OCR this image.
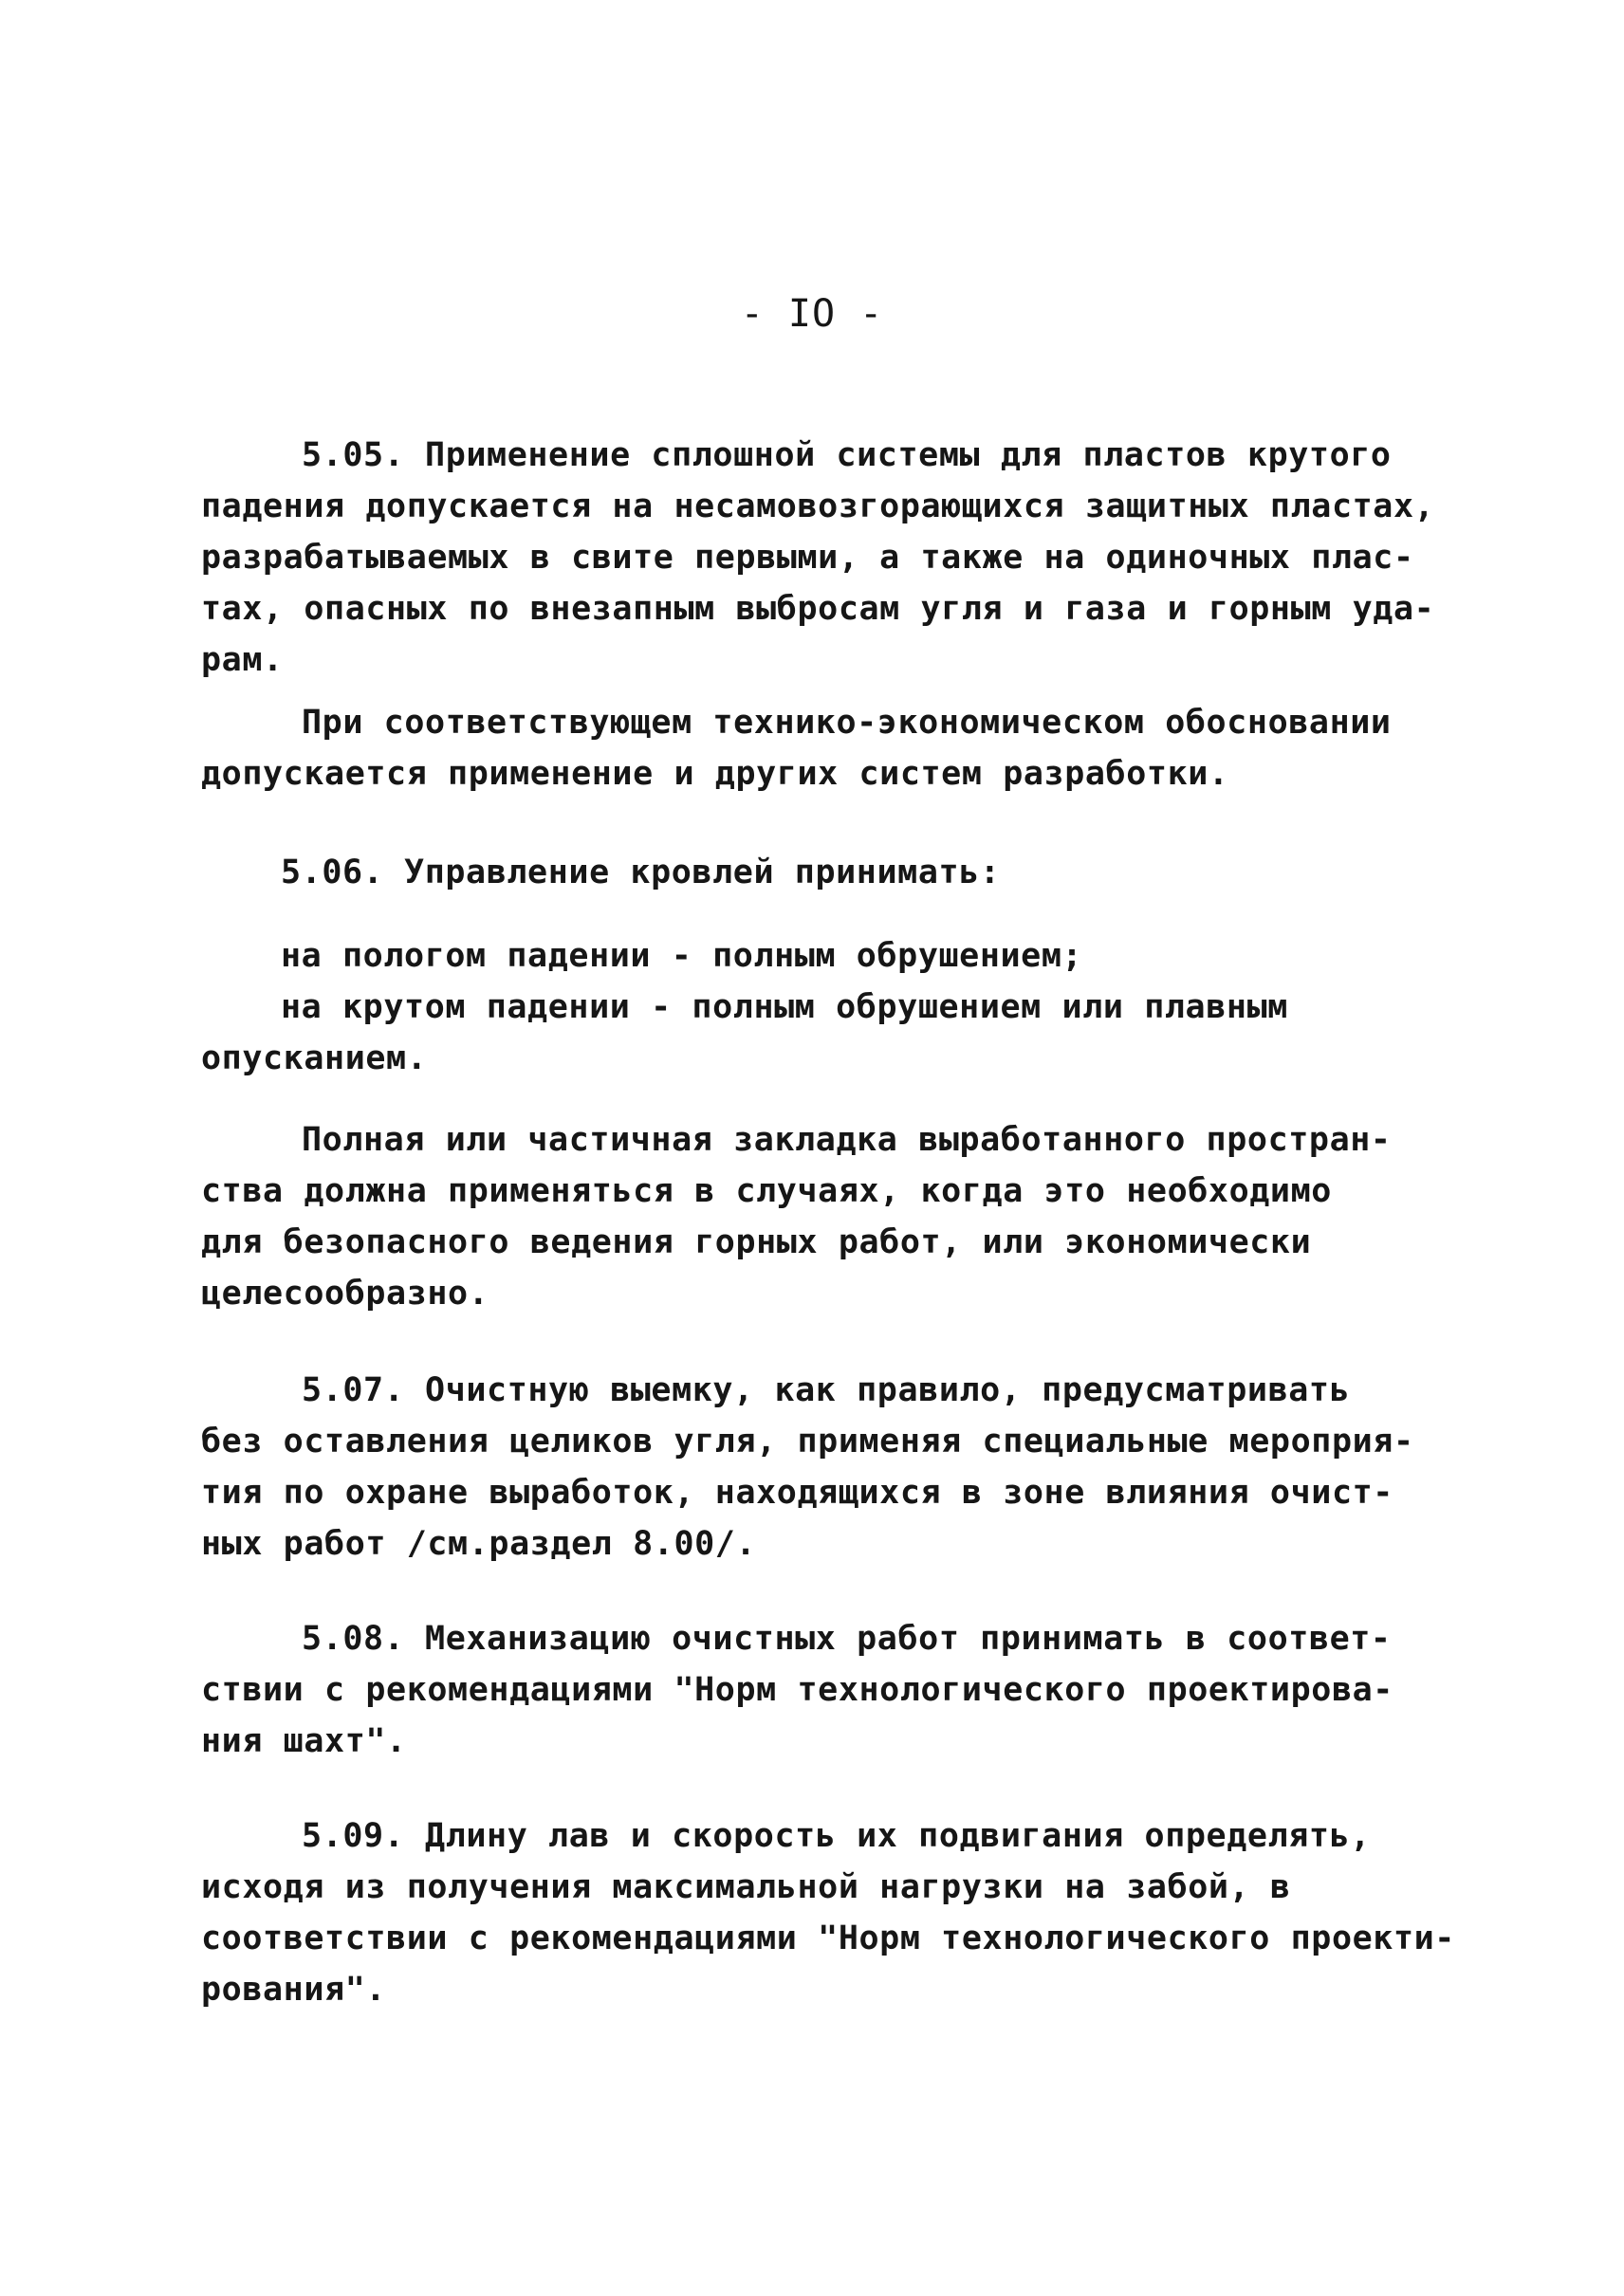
- IO -
5.05. Применение сплошной системы для пластов крутого
падения допускается на несамовозгорающихся защитных пластах,
разрабатываемых в свите первыми, а также на одиночных плас-
тах, опасных по внезапным выбросам угля и газа и горным уда-
рам.
При соответствующем технико-экономическом обосновании
допускается применение и других систем разработки.
5.06. Управление кровлей принимать:
на пологом падении - полным обрушением;
на крутом падении - полным обрушением или плавным
опусканием.
Полная или частичная закладка выработанного простран-
ства должна применяться в случаях, когда это необходимо
для безопасного ведения горных работ, или экономически
целесообразно.
5.07. Очистную выемку, как правило, предусматривать
без оставления целиков угля, применяя специальные мероприя-
тия по охране выработок, находящихся в зоне влияния очист-
ных работ /см.раздел 8.00/.
5.08. Механизацию очистных работ принимать в соответ-
ствии с рекомендациями "Норм технологического проектирова-
ния шахт".
5.09. Длину лав и скорость их подвигания определять,
исходя из получения максимальной нагрузки на забой, в
соответствии с рекомендациями "Норм технологического проекти-
рования".
